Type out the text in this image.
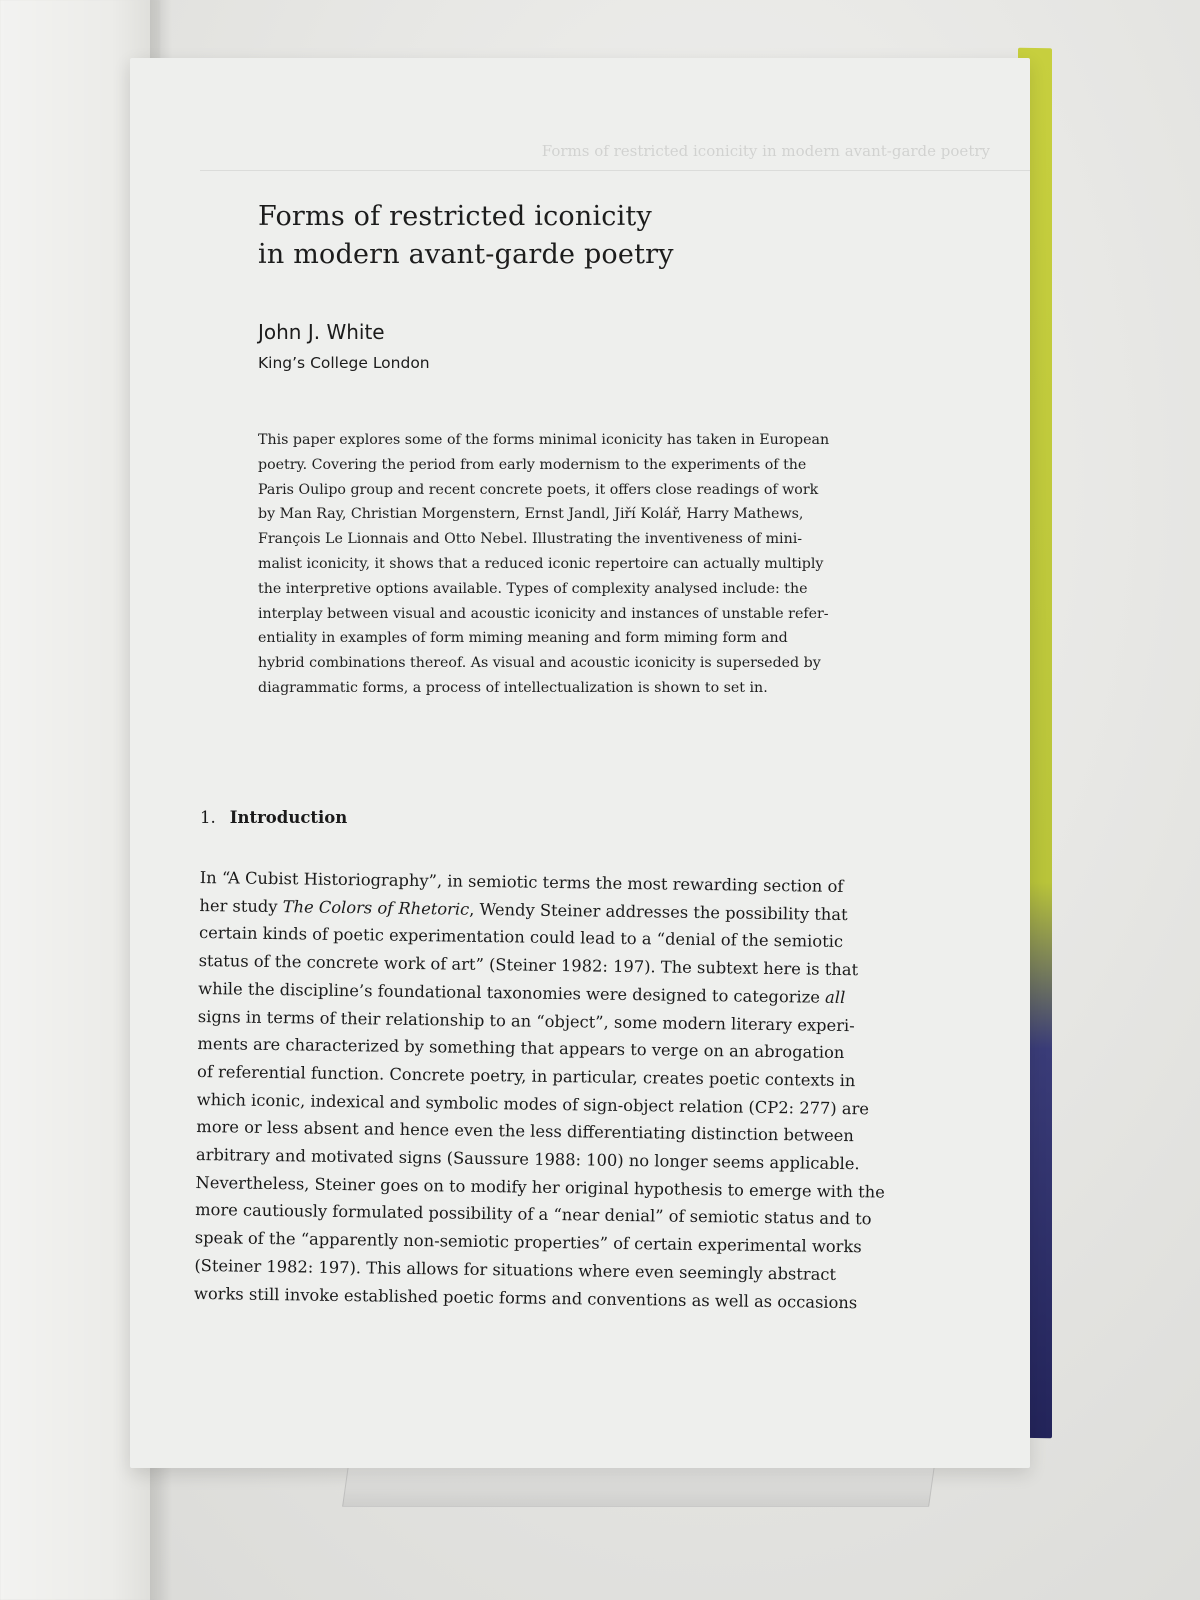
Forms of restricted iconicity in modern avant-garde poetry
Forms of restricted iconicity
in modern avant-garde poetry
John J. White
King’s College London
This paper explores some of the forms minimal iconicity has taken in European
poetry. Covering the period from early modernism to the experiments of the
Paris Oulipo group and recent concrete poets, it offers close readings of work
by Man Ray, Christian Morgenstern, Ernst Jandl, Jiří Kolář, Harry Mathews,
François Le Lionnais and Otto Nebel. Illustrating the inventiveness of mini-
malist iconicity, it shows that a reduced iconic repertoire can actually multiply
the interpretive options available. Types of complexity analysed include: the
interplay between visual and acoustic iconicity and instances of unstable refer-
entiality in examples of form miming meaning and form miming form and
hybrid combinations thereof. As visual and acoustic iconicity is superseded by
diagrammatic forms, a process of intellectualization is shown to set in.
1. Introduction
In “A Cubist Historiography”, in semiotic terms the most rewarding section of
her study The Colors of Rhetoric, Wendy Steiner addresses the possibility that
certain kinds of poetic experimentation could lead to a “denial of the semiotic
status of the concrete work of art” (Steiner 1982: 197). The subtext here is that
while the discipline’s foundational taxonomies were designed to categorize all
signs in terms of their relationship to an “object”, some modern literary experi-
ments are characterized by something that appears to verge on an abrogation
of referential function. Concrete poetry, in particular, creates poetic contexts in
which iconic, indexical and symbolic modes of sign-object relation (CP2: 277) are
more or less absent and hence even the less differentiating distinction between
arbitrary and motivated signs (Saussure 1988: 100) no longer seems applicable.
Nevertheless, Steiner goes on to modify her original hypothesis to emerge with the
more cautiously formulated possibility of a “near denial” of semiotic status and to
speak of the “apparently non-semiotic properties” of certain experimental works
(Steiner 1982: 197). This allows for situations where even seemingly abstract
works still invoke established poetic forms and conventions as well as occasions
